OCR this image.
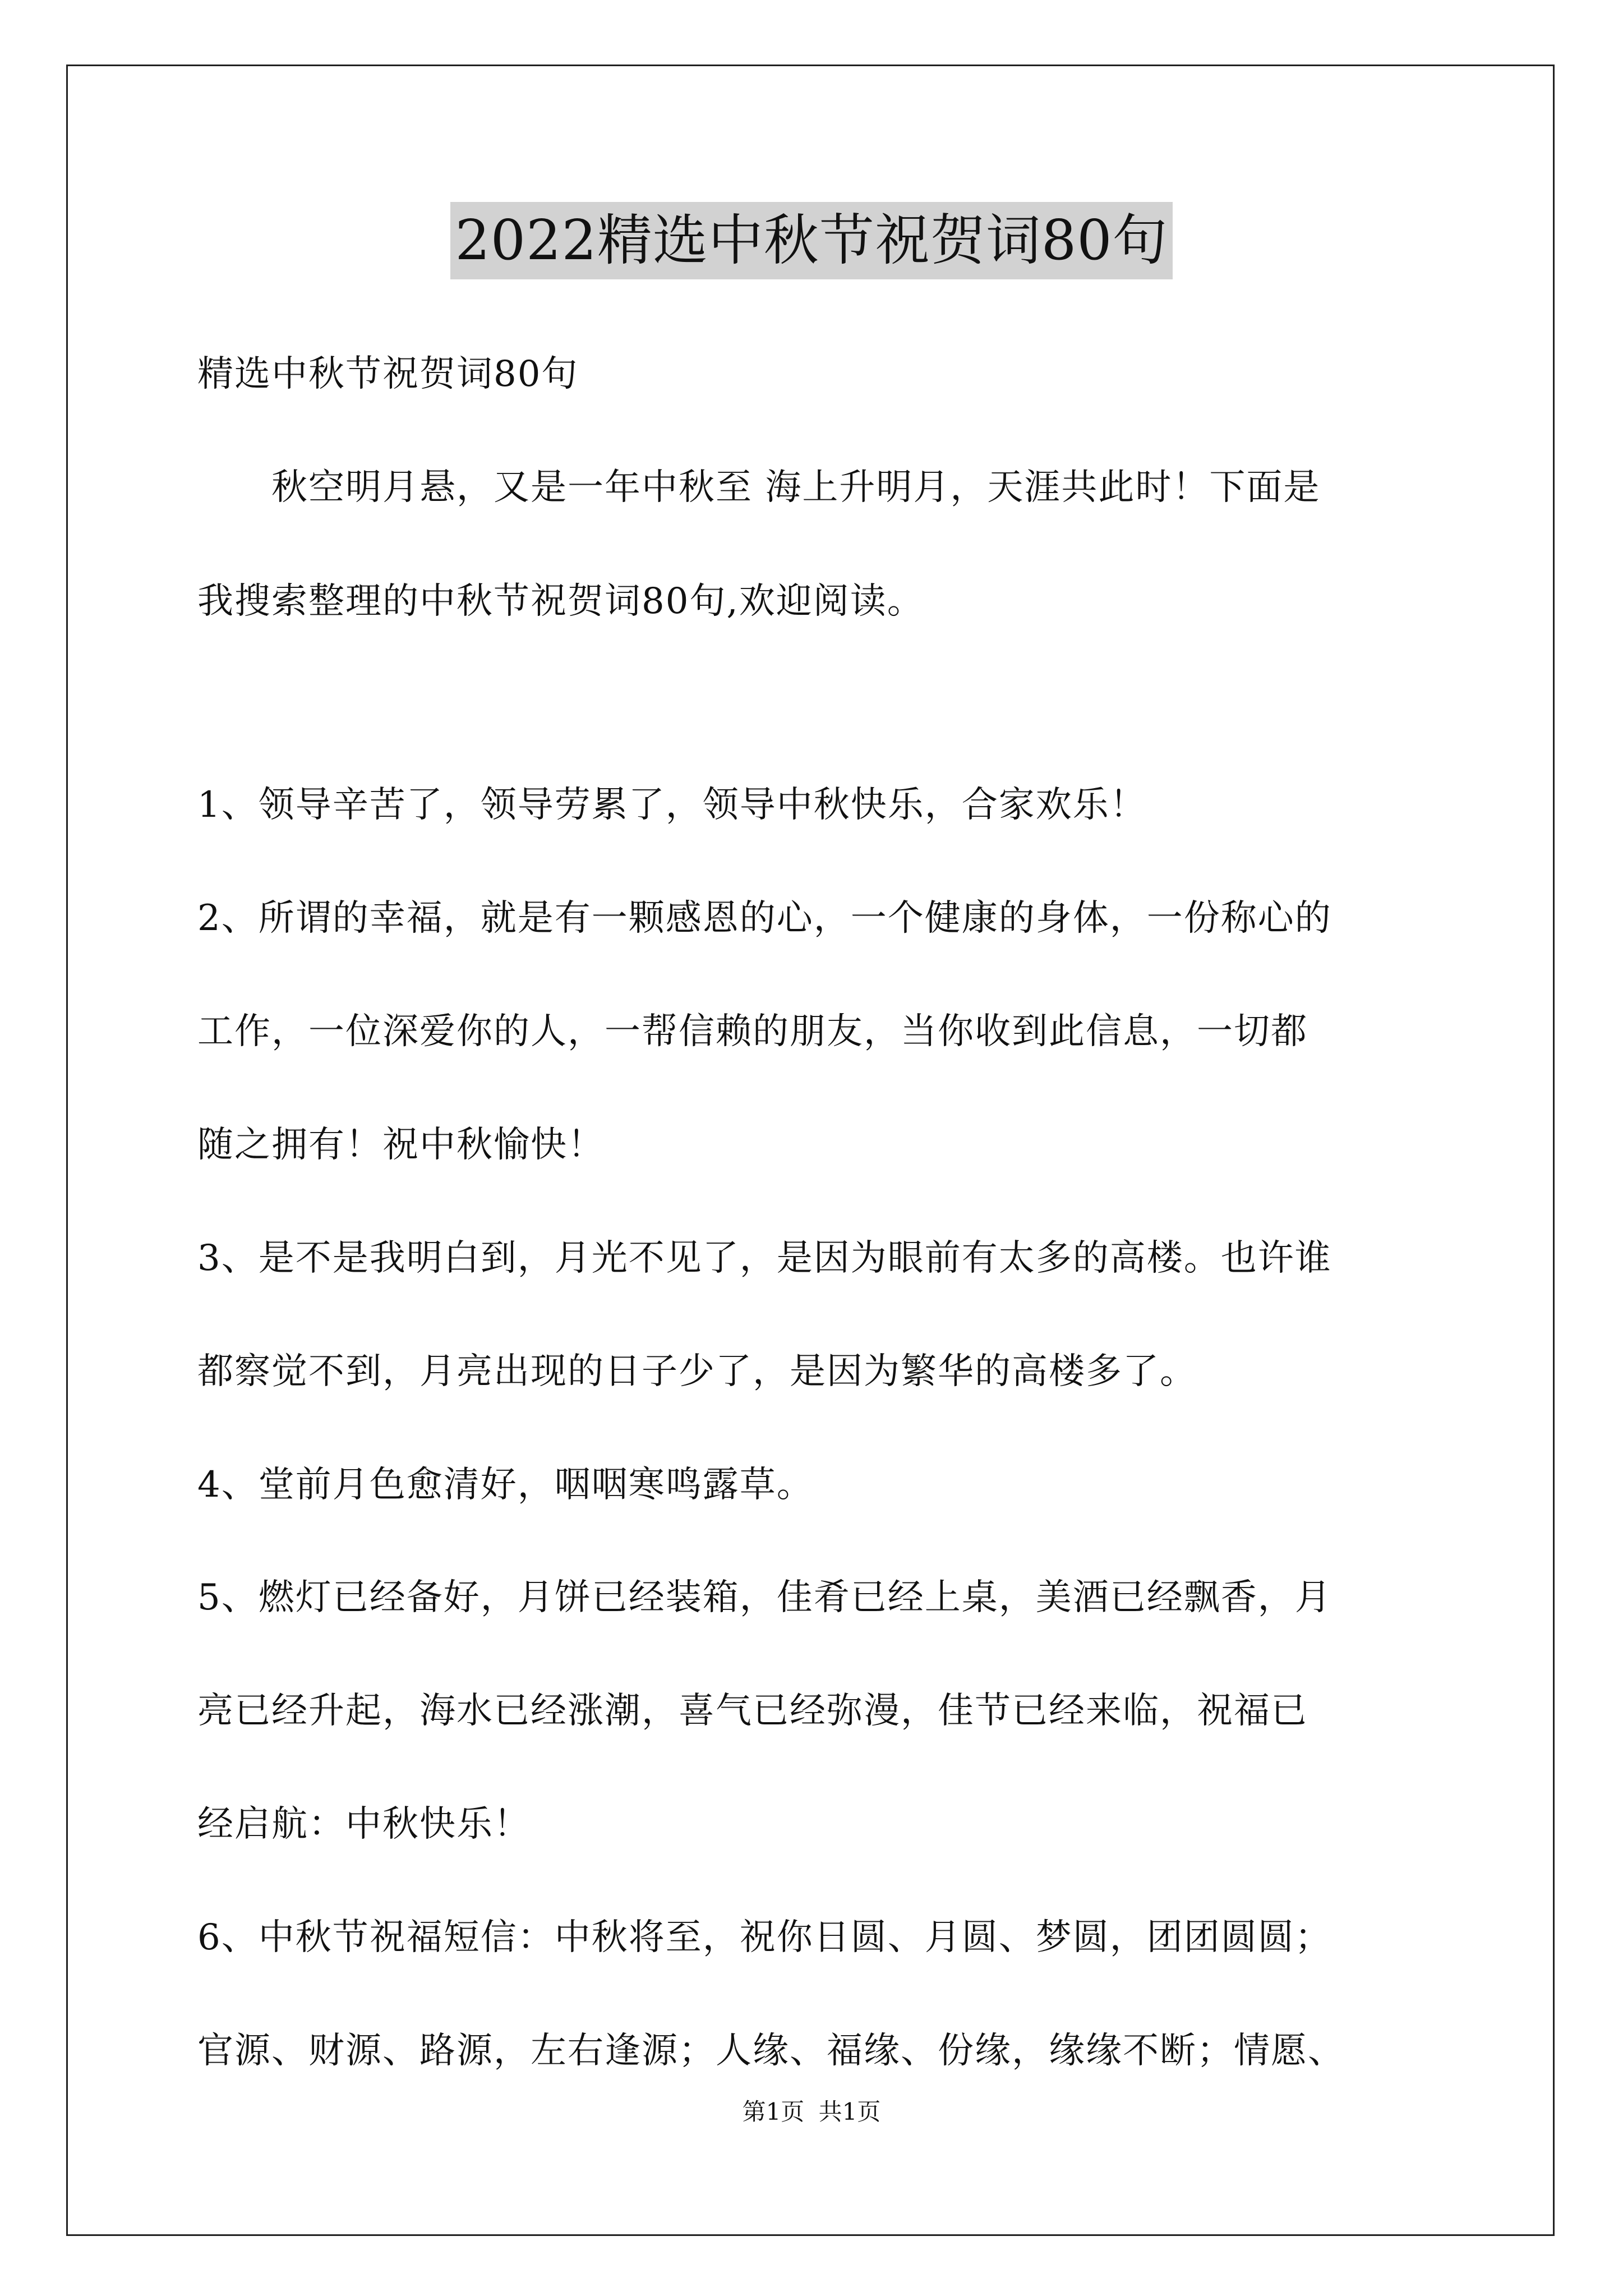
2022精选中秋节祝贺词80句
精选中秋节祝贺词80句
　　秋空明月悬，又是一年中秋至 海上升明月，天涯共此时！下面是
我搜索整理的中秋节祝贺词80句,欢迎阅读。
1、领导辛苦了，领导劳累了，领导中秋快乐，合家欢乐！
2、所谓的幸福，就是有一颗感恩的心，一个健康的身体，一份称心的
工作，一位深爱你的人，一帮信赖的朋友，当你收到此信息，一切都
随之拥有！祝中秋愉快！
3、是不是我明白到，月光不见了，是因为眼前有太多的高楼。也许谁
都察觉不到，月亮出现的日子少了，是因为繁华的高楼多了。
4、堂前月色愈清好，咽咽寒鸣露草。
5、燃灯已经备好，月饼已经装箱，佳肴已经上桌，美酒已经飘香，月
亮已经升起，海水已经涨潮，喜气已经弥漫，佳节已经来临，祝福已
经启航：中秋快乐！
6、中秋节祝福短信：中秋将至，祝你日圆、月圆、梦圆，团团圆圆；
官源、财源、路源，左右逢源；人缘、福缘、份缘，缘缘不断；情愿、
第1页 共1页
